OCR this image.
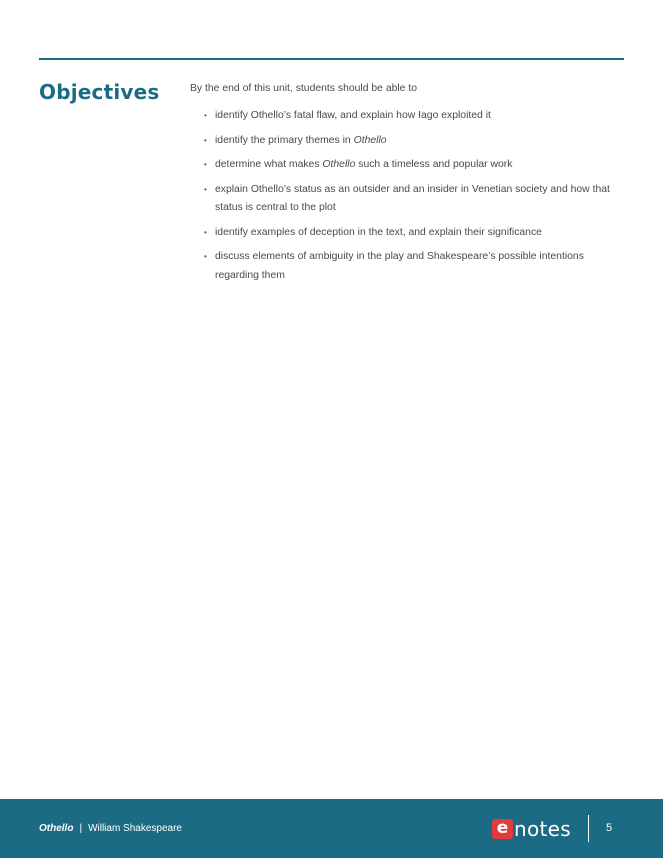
Objectives	By the end of this unit, students should be able to

• identify Othello’s fatal flaw, and explain how Iago exploited it
• identify the primary themes in Othello
• determine what makes Othello such a timeless and popular work
• explain Othello’s status as an outsider and an insider in Venetian society and how that status is central to the plot
• identify examples of deception in the text, and explain their significance
• discuss elements of ambiguity in the play and Shakespeare’s possible intentions regarding them
Othello | William Shakespeare	e notes	5
